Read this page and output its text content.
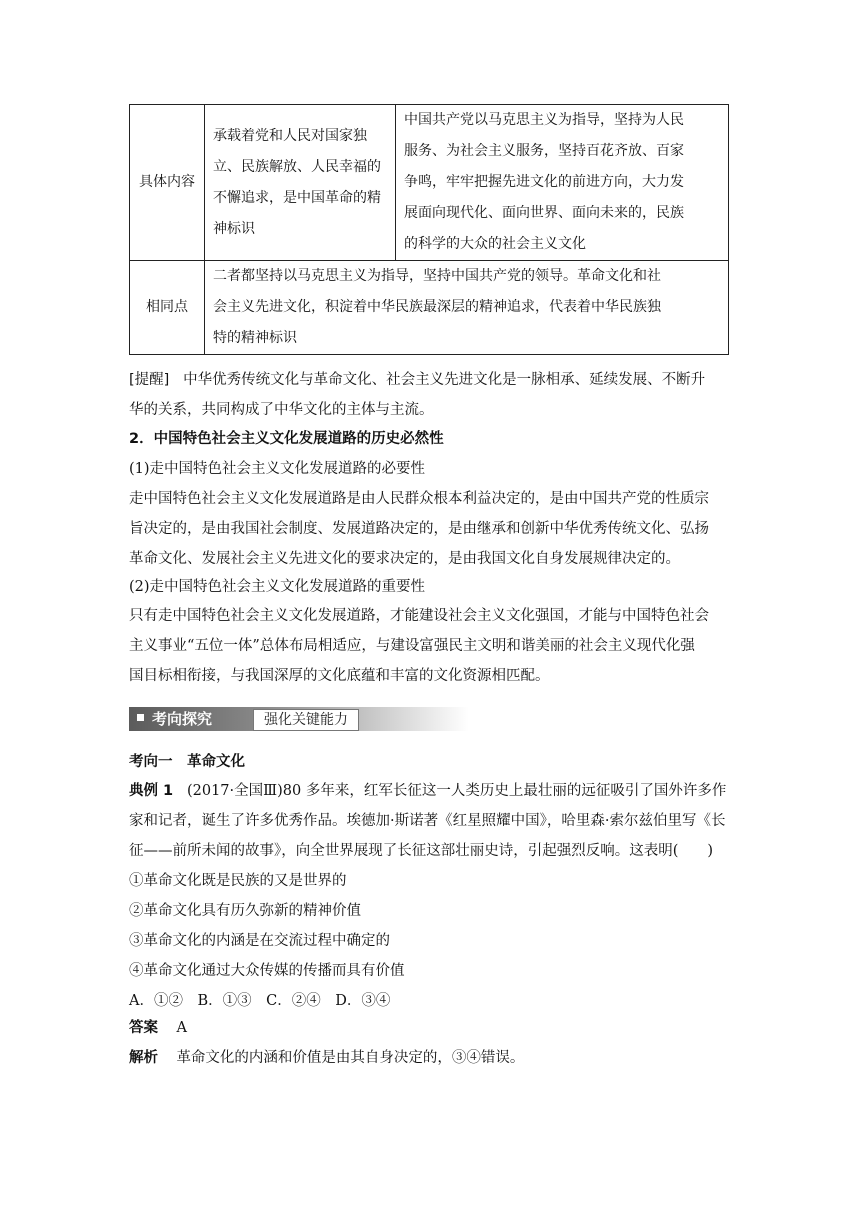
具体内容	承载着党和人民对国家独
立、民族解放、人民幸福的
不懈追求，是中国革命的精
神标识	中国共产党以马克思主义为指导，坚持为人民
服务、为社会主义服务，坚持百花齐放、百家
争鸣，牢牢把握先进文化的前进方向，大力发
展面向现代化、面向世界、面向未来的，民族
的科学的大众的社会主义文化

相同点	二者都坚持以马克思主义为指导，坚持中国共产党的领导。革命文化和社
会主义先进文化，积淀着中华民族最深层的精神追求，代表着中华民族独
特的精神标识	
[提醒] 中华优秀传统文化与革命文化、社会主义先进文化是一脉相承、延续发展、不断升
华的关系，共同构成了中华文化的主体与主流。
2．中国特色社会主义文化发展道路的历史必然性
(1)走中国特色社会主义文化发展道路的必要性
走中国特色社会主义文化发展道路是由人民群众根本利益决定的，是由中国共产党的性质宗
旨决定的，是由我国社会制度、发展道路决定的，是由继承和创新中华优秀传统文化、弘扬
革命文化、发展社会主义先进文化的要求决定的，是由我国文化自身发展规律决定的。
(2)走中国特色社会主义文化发展道路的重要性
只有走中国特色社会主义文化发展道路，才能建设社会主义文化强国，才能与中国特色社会
主义事业“五位一体”总体布局相适应，与建设富强民主文明和谐美丽的社会主义现代化强
国目标相衔接，与我国深厚的文化底蕴和丰富的文化资源相匹配。
考向探究	强化关键能力
考向一　革命文化
典例 1 (2017·全国Ⅲ)80 多年来，红军长征这一人类历史上最壮丽的远征吸引了国外许多作
家和记者，诞生了许多优秀作品。埃德加·斯诺著《红星照耀中国》，哈里森·索尔兹伯里写《长
征——前所未闻的故事》，向全世界展现了长征这部壮丽史诗，引起强烈反响。这表明(　　)
①革命文化既是民族的又是世界的
②革命文化具有历久弥新的精神价值
③革命文化的内涵是在交流过程中确定的
④革命文化通过大众传媒的传播而具有价值
A．①②　B．①③　C．②④　D．③④
答案 A
解析 革命文化的内涵和价值是由其自身决定的，③④错误。
